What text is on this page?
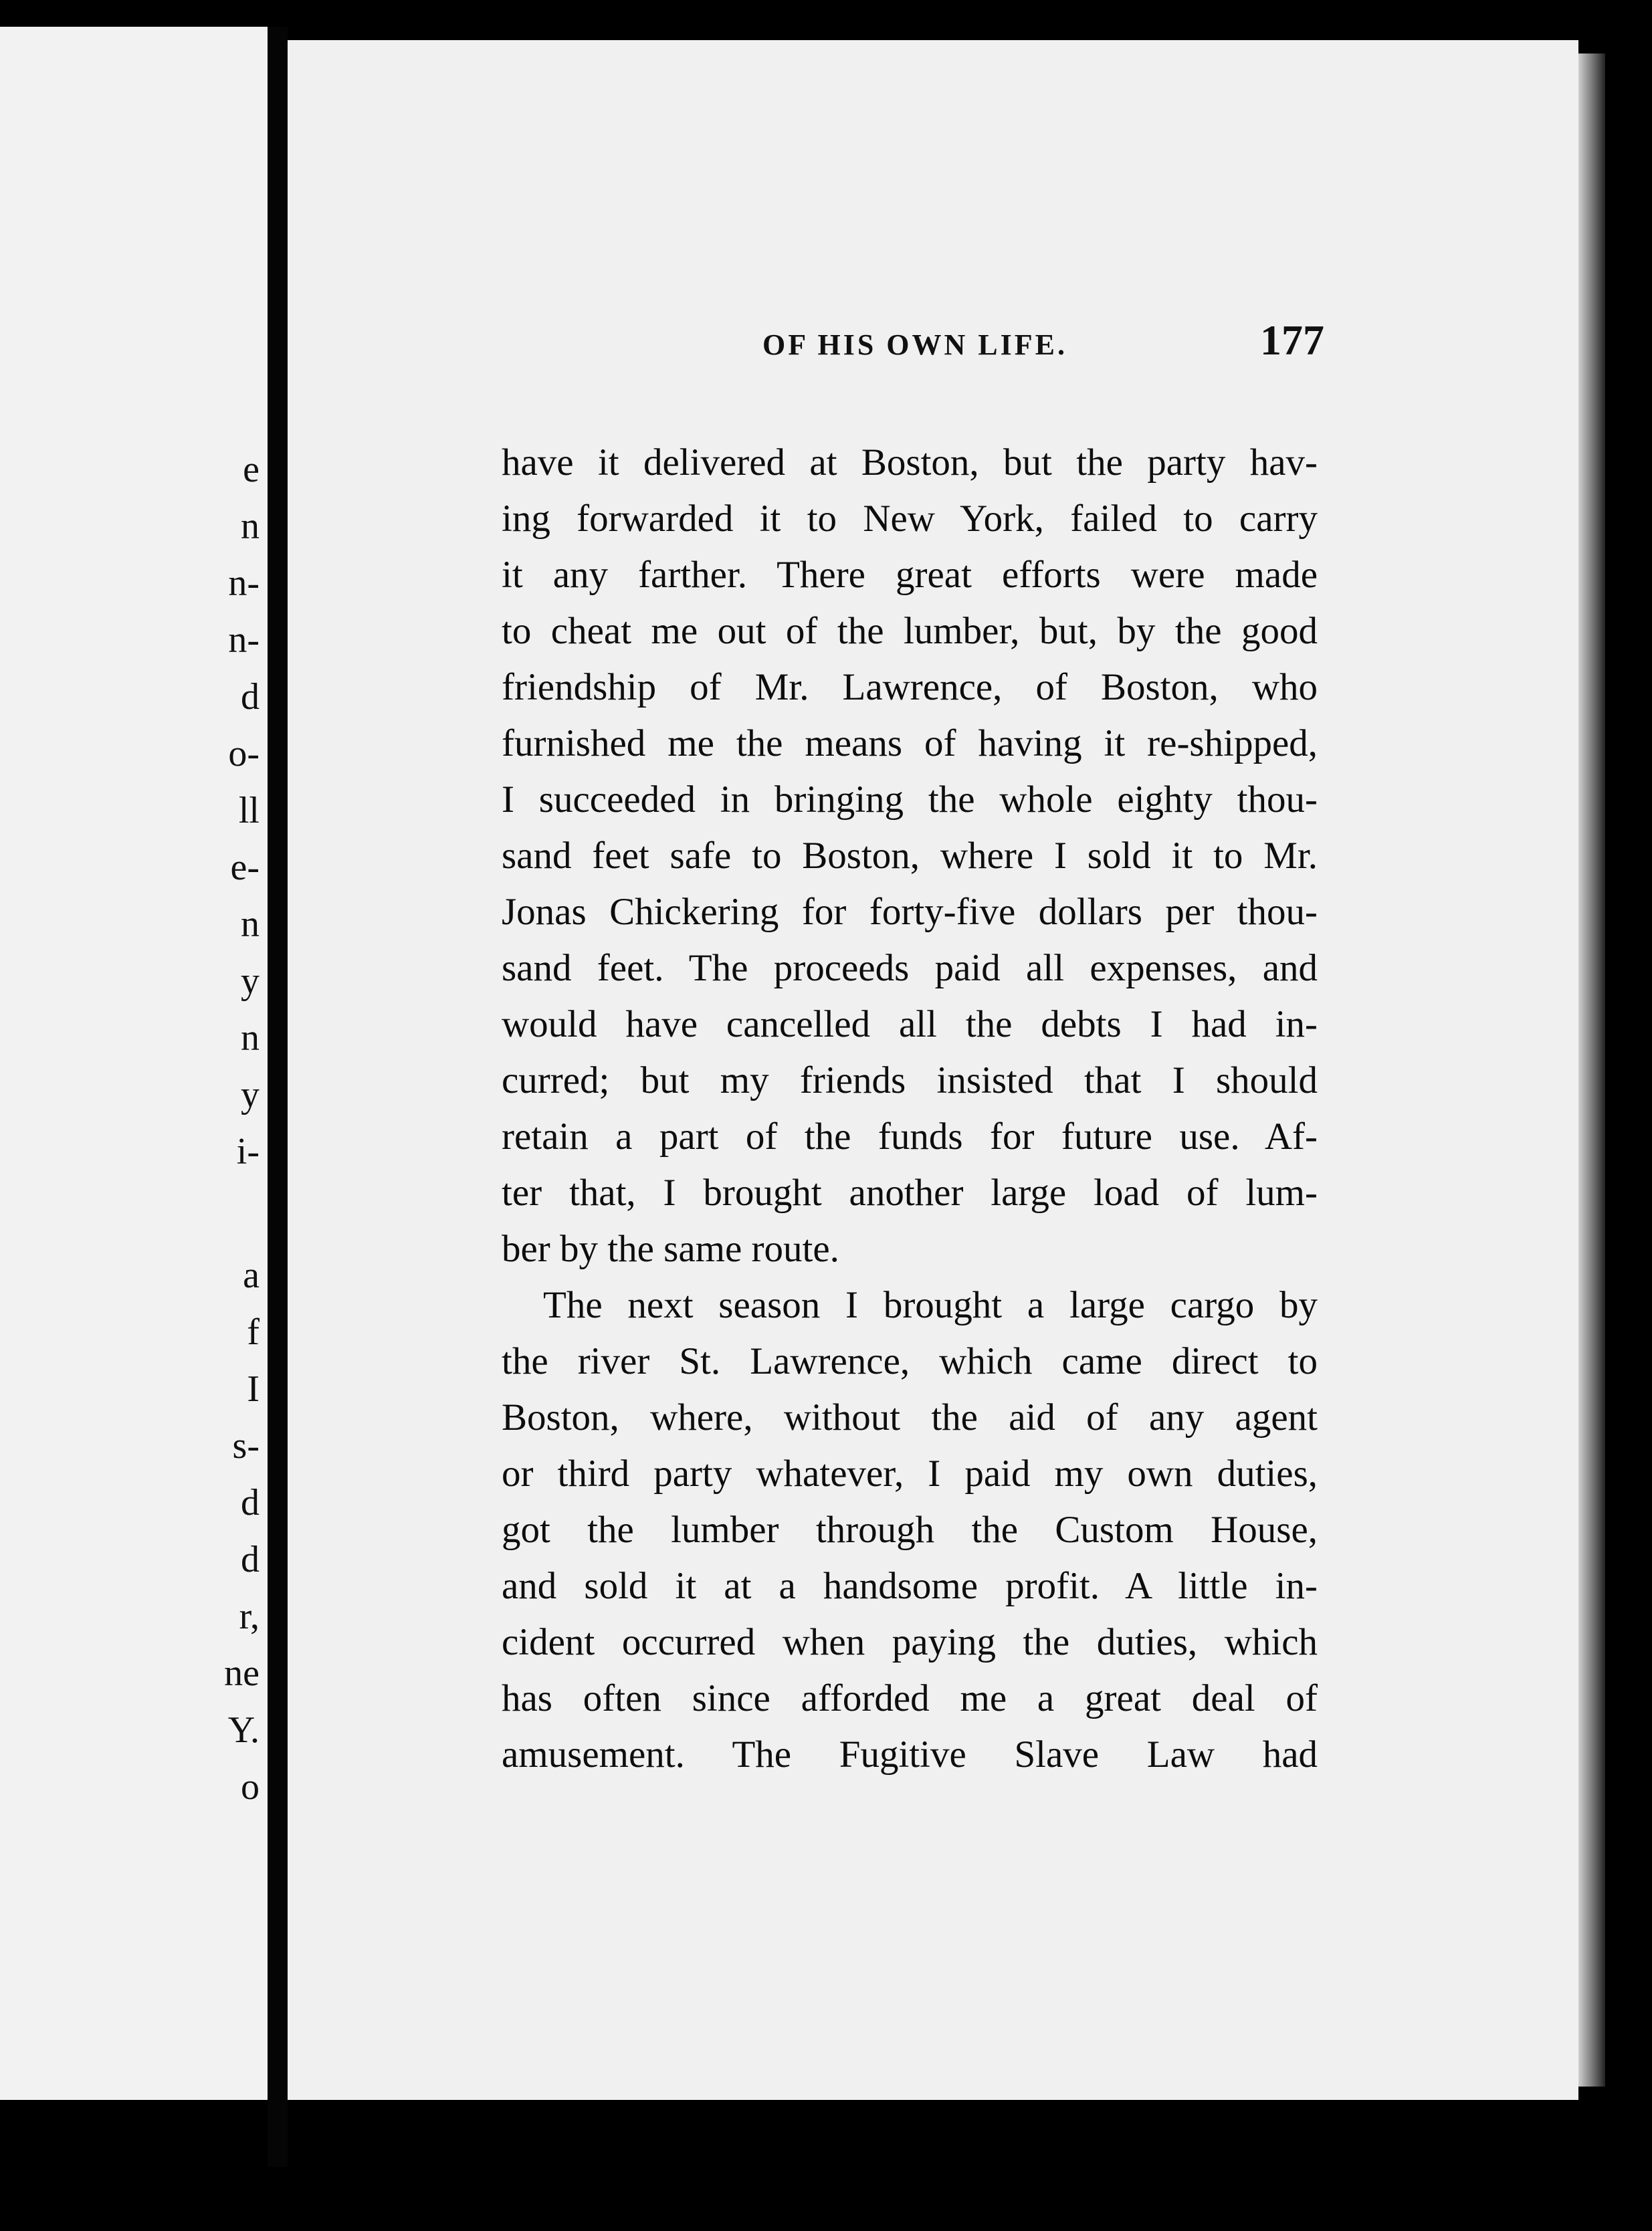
e
n
n-
n-
d
o-
ll
e-
n
y
n
y
i-
a
f
I
s-
d
d
r,
ne
Y.
o
OF HIS OWN LIFE.	177
have it delivered at Boston, but the party hav-
ing forwarded it to New York, failed to carry
it any farther. There great efforts were made
to cheat me out of the lumber, but, by the good
friendship of Mr. Lawrence, of Boston, who
furnished me the means of having it re-shipped,
I succeeded in bringing the whole eighty thou-
sand feet safe to Boston, where I sold it to Mr.
Jonas Chickering for forty-five dollars per thou-
sand feet. The proceeds paid all expenses, and
would have cancelled all the debts I had in-
curred; but my friends insisted that I should
retain a part of the funds for future use. Af-
ter that, I brought another large load of lum-
ber by the same route.
The next season I brought a large cargo by
the river St. Lawrence, which came direct to
Boston, where, without the aid of any agent
or third party whatever, I paid my own duties,
got the lumber through the Custom House,
and sold it at a handsome profit. A little in-
cident occurred when paying the duties, which
has often since afforded me a great deal of
amusement. The Fugitive Slave Law had
